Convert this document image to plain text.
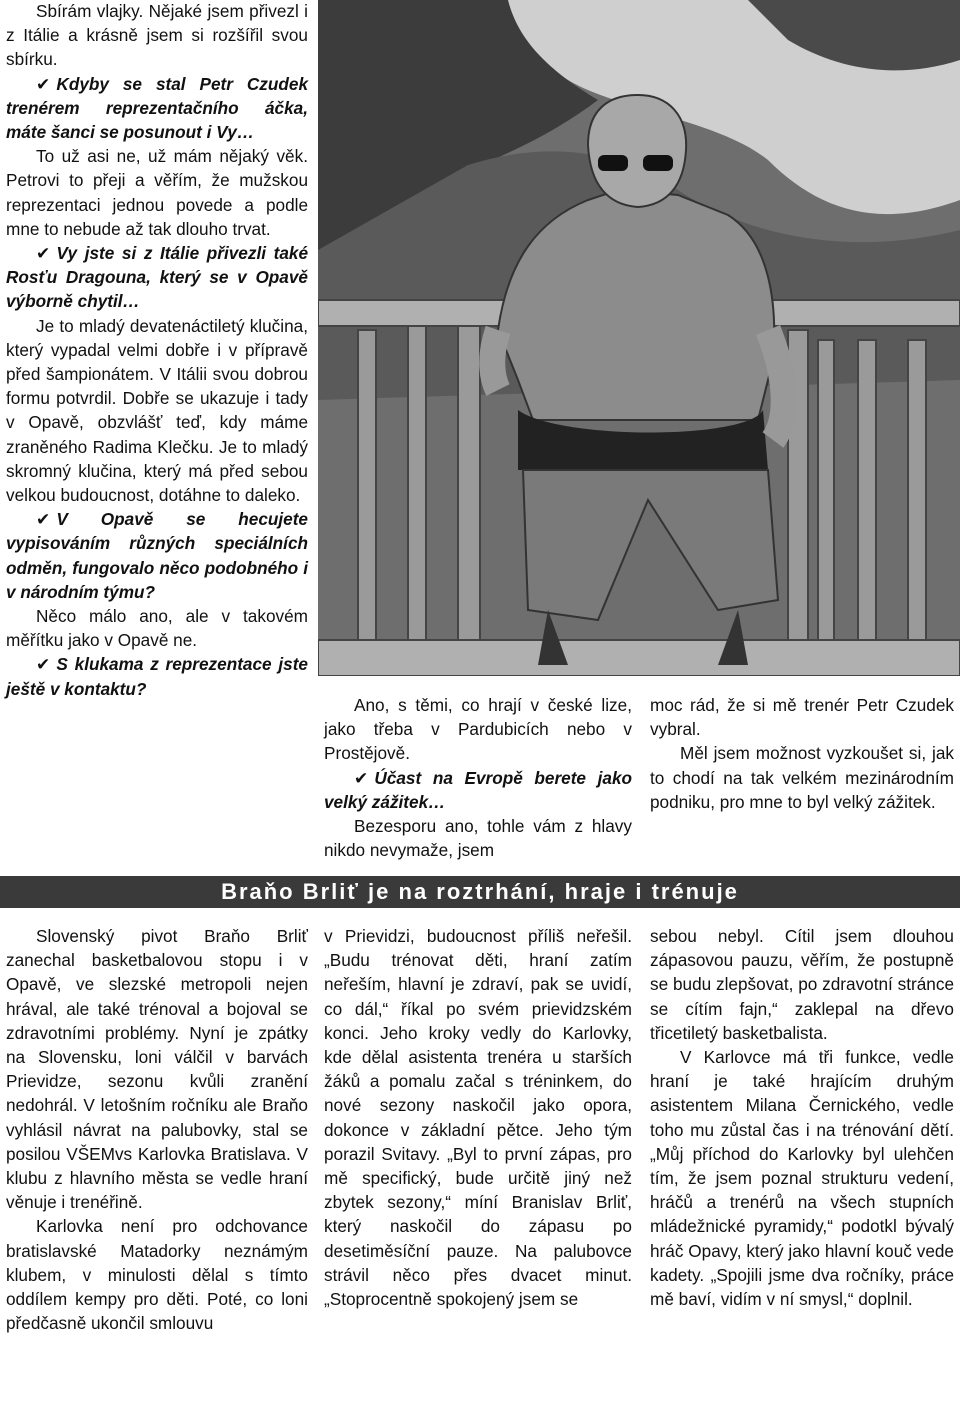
Sbírám vlajky. Nějaké jsem přivezl i z Itálie a krásně jsem si rozšířil svou sbírku.

✔ Kdyby se stal Petr Czudek trenérem reprezentačního áčka, máte šanci se posunout i Vy…

To už asi ne, už mám nějaký věk. Petrovi to přeji a věřím, že mužskou reprezentaci jednou povede a podle mne to nebude až tak dlouho trvat.

✔ Vy jste si z Itálie přivezli také Rosťu Dragouna, který se v Opavě výborně chytil…

Je to mladý devatenáctiletý klučina, který vypadal velmi dobře i v přípravě před šampionátem. V Itálii svou dobrou formu potvrdil. Dobře se ukazuje i tady v Opavě, obzvlášť teď, kdy máme zraněného Radima Klečku. Je to mladý skromný klučina, který má před sebou velkou budoucnost, dotáhne to daleko.

✔ V Opavě se hecujete vypisováním různých speciálních odměn, fungovalo něco podobného i v národním týmu?

Něco málo ano, ale v takovém měřítku jako v Opavě ne.

✔ S klukama z reprezentace jste ještě v kontaktu?

Ano, s těmi, co hrají v české lize, jako třeba v Pardubicích nebo v Prostějově.

✔ Účast na Evropě berete jako velký zážitek…

Bezesporu ano, tohle vám z hlavy nikdo nevymaže, jsem

moc rád, že si mě trenér Petr Czudek vybral.

Měl jsem možnost vyzkoušet si, jak to chodí na tak velkém mezinárodním podniku, pro mne to byl velký zážitek.

Braňo Brliť je na roztrhání, hraje i trénuje

Slovenský pivot Braňo Brliť zanechal basketbalovou stopu i v Opavě, ve slezské metropoli nejen hrával, ale také trénoval a bojoval se zdravotními problémy. Nyní je zpátky na Slovensku, loni válčil v barvách Prievidze, sezonu kvůli zranění nedohrál. V letošním ročníku ale Braňo vyhlásil návrat na palubovky, stal se posilou VŠEMvs Karlovka Bratislava. V klubu z hlavního města se vedle hraní věnuje i trenéřině.

Karlovka není pro odchovance bratislavské Matadorky neznámým klubem, v minulosti dělal s tímto oddílem kempy pro děti. Poté, co loni předčasně ukončil smlouvu

v Prievidzi, budoucnost příliš neřešil. „Budu trénovat děti, hraní zatím neřeším, hlavní je zdraví, pak se uvidí, co dál,“ říkal po svém prievidzském konci. Jeho kroky vedly do Karlovky, kde dělal asistenta trenéra u starších žáků a pomalu začal s tréninkem, do nové sezony naskočil jako opora, dokonce v základní pětce. Jeho tým porazil Svitavy. „Byl to první zápas, pro mě specifický, bude určitě jiný než zbytek sezony,“ míní Branislav Brliť, který naskočil do zápasu po desetiměsíční pauze. Na palubovce strávil něco přes dvacet minut. „Stoprocentně spokojený jsem se

sebou nebyl. Cítil jsem dlouhou zápasovou pauzu, věřím, že postupně se budu zlepšovat, po zdravotní stránce se cítím fajn,“ zaklepal na dřevo třicetiletý basketbalista.

V Karlovce má tři funkce, vedle hraní je také hrajícím druhým asistentem Milana Černického, vedle toho mu zůstal čas i na trénování dětí. „Můj příchod do Karlovky byl ulehčen tím, že jsem poznal strukturu vedení, hráčů a trenérů na všech stupních mládežnické pyramidy,“ podotkl bývalý hráč Opavy, který jako hlavní kouč vede kadety. „Spojili jsme dva ročníky, práce mě baví, vidím v ní smysl,“ doplnil.
